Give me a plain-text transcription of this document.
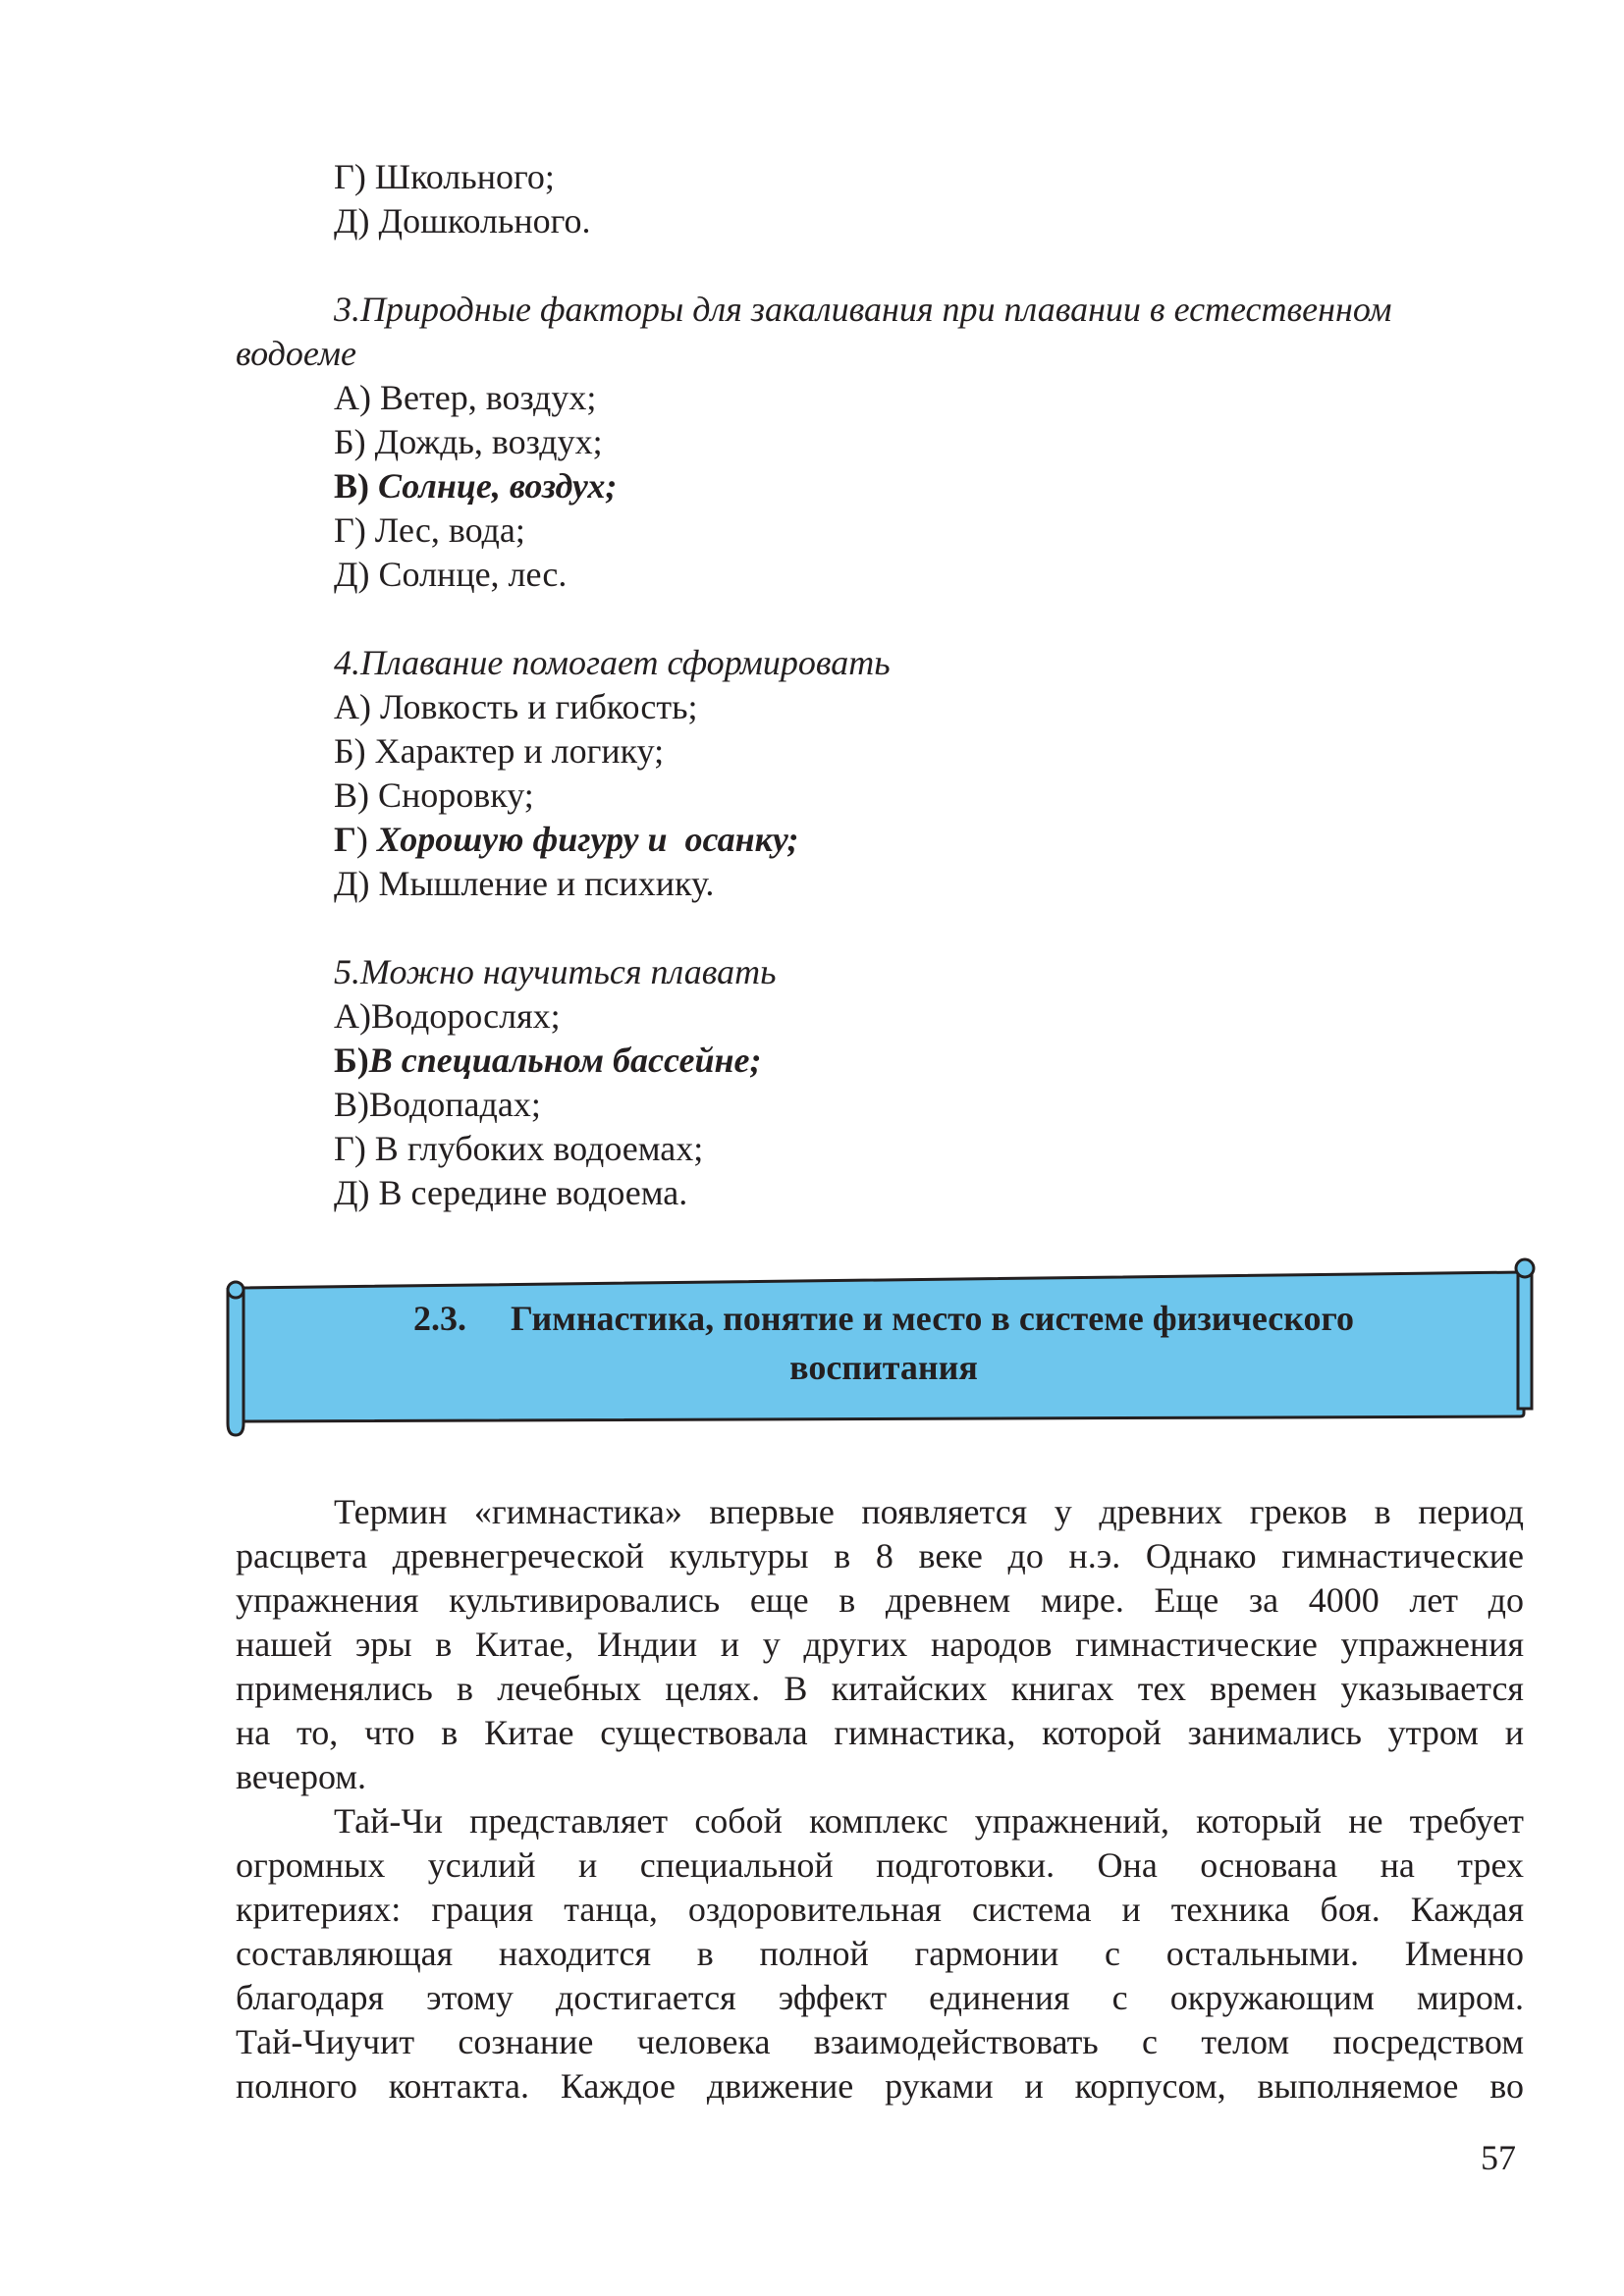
Г) Школьного;
Д) Дошкольного.
3.Природные факторы для закаливания при плавании в естественном
водоеме
А) Ветер, воздух;
Б) Дождь, воздух;
В) Солнце, воздух;
Г) Лес, вода;
Д) Солнце, лес.
4.Плавание помогает сформировать
А) Ловкость и гибкость;
Б) Характер и логику;
В) Сноровку;
Г) Хорошую фигуру и  осанку;
Д) Мышление и психику.
5.Можно научиться плавать
А)Водорослях;
Б)В специальном бассейне;
В)Водопадах;
Г) В глубоких водоемах;
Д) В середине водоема.
2.3. Гимнастика, понятие и место в системе физического
воспитания
Термин «гимнастика» впервые появляется у древних греков в период
расцвета древнегреческой культуры в 8 веке до н.э. Однако гимнастические
упражнения культивировались еще в древнем мире. Еще за 4000 лет до
нашей эры в Китае, Индии и у других народов гимнастические упражнения
применялись в лечебных целях. В китайских книгах тех времен указывается
на то, что в Китае существовала гимнастика, которой занимались утром и
вечером.
Тай-Чи представляет собой комплекс упражнений, который не требует
огромных усилий и специальной подготовки. Она основана на трех
критериях: грация танца, оздоровительная система и техника боя. Каждая
составляющая находится в полной гармонии с остальными. Именно
благодаря этому достигается эффект единения с окружающим миром.
Тай-Чиучит сознание человека взаимодействовать с телом посредством
полного контакта. Каждое движение руками и корпусом, выполняемое во
57
